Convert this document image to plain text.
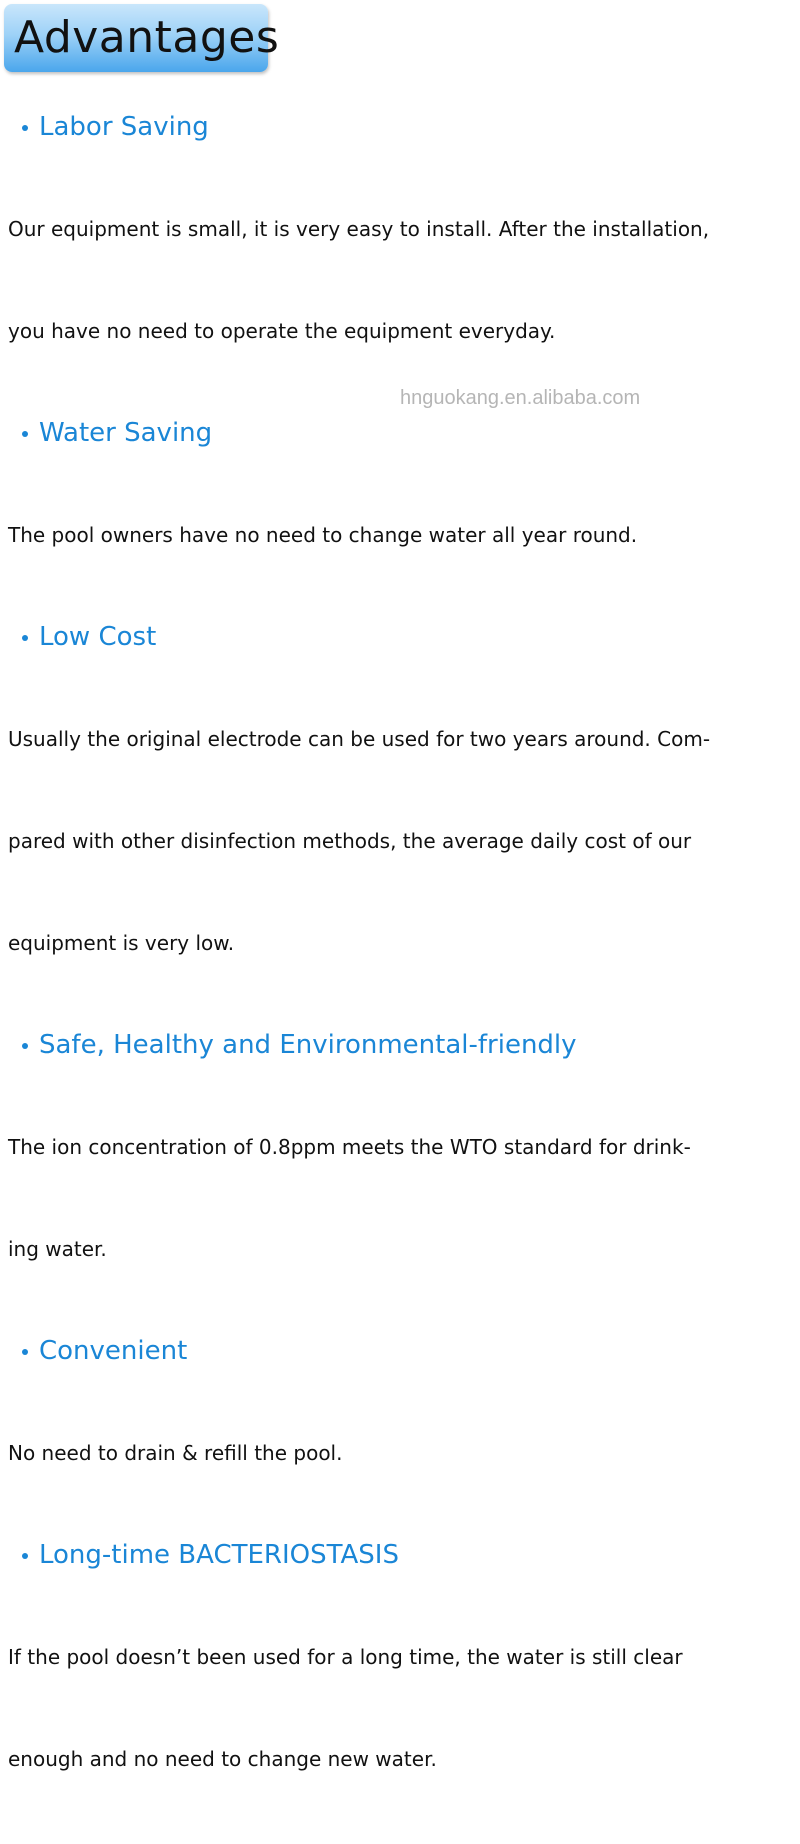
Advantages
Labor Saving

Our equipment is small, it is very easy to install. After the installation,

you have no need to operate the equipment everyday.

Water Saving

The pool owners have no need to change water all year round.

Low Cost

Usually the original electrode can be used for two years around. Com-

pared with other disinfection methods, the average daily cost of our

equipment is very low.

Safe, Healthy and Environmental-friendly

The ion concentration of 0.8ppm meets the WTO standard for drink-

ing water.

Convenient

No need to drain & refill the pool.

Long-time BACTERIOSTASIS

If the pool doesn’t been used for a long time, the water is still clear

enough and no need to change new water.

hnguokang.en.alibaba.com
